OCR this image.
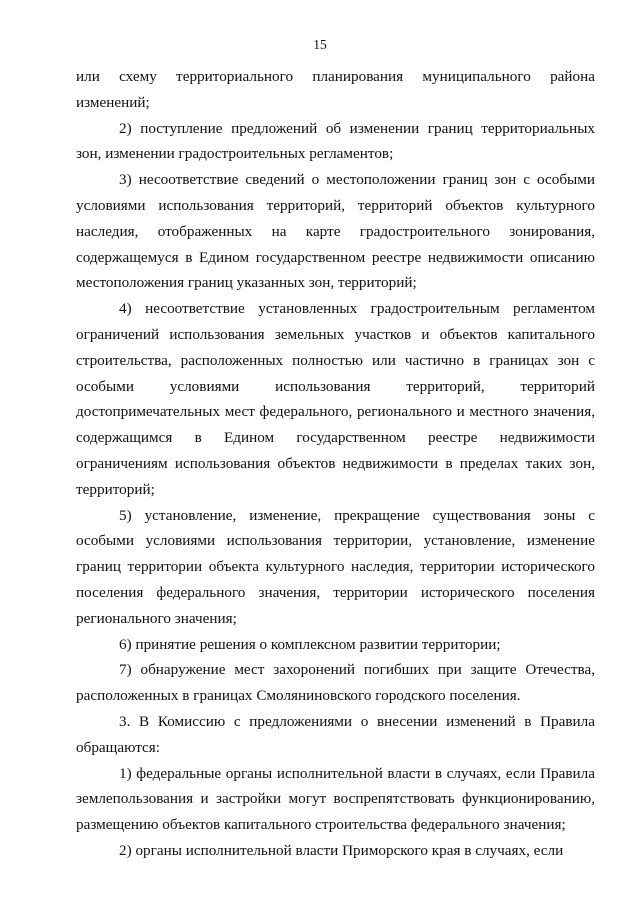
15

или схему территориального планирования муниципального района изменений;

2) поступление предложений об изменении границ территориальных зон, изменении градостроительных регламентов;

3) несоответствие сведений о местоположении границ зон с особыми условиями использования территорий, территорий объектов культурного наследия, отображенных на карте градостроительного зонирования, содержащемуся в Едином государственном реестре недвижимости описанию местоположения границ указанных зон, территорий;

4) несоответствие установленных градостроительным регламентом ограничений использования земельных участков и объектов капитального строительства, расположенных полностью или частично в границах зон с особыми условиями использования территорий, территорий достопримечательных мест федерального, регионального и местного значения, содержащимся в Едином государственном реестре недвижимости ограничениям использования объектов недвижимости в пределах таких зон, территорий;

5) установление, изменение, прекращение существования зоны с особыми условиями использования территории, установление, изменение границ территории объекта культурного наследия, территории исторического поселения федерального значения, территории исторического поселения регионального значения;

6) принятие решения о комплексном развитии территории;

7) обнаружение мест захоронений погибших при защите Отечества, расположенных в границах Смоляниновского городского поселения.

3. В Комиссию с предложениями о внесении изменений в Правила обращаются:

1) федеральные органы исполнительной власти в случаях, если Правила землепользования и застройки могут воспрепятствовать функционированию, размещению объектов капитального строительства федерального значения;

2) органы исполнительной власти Приморского края в случаях, если
